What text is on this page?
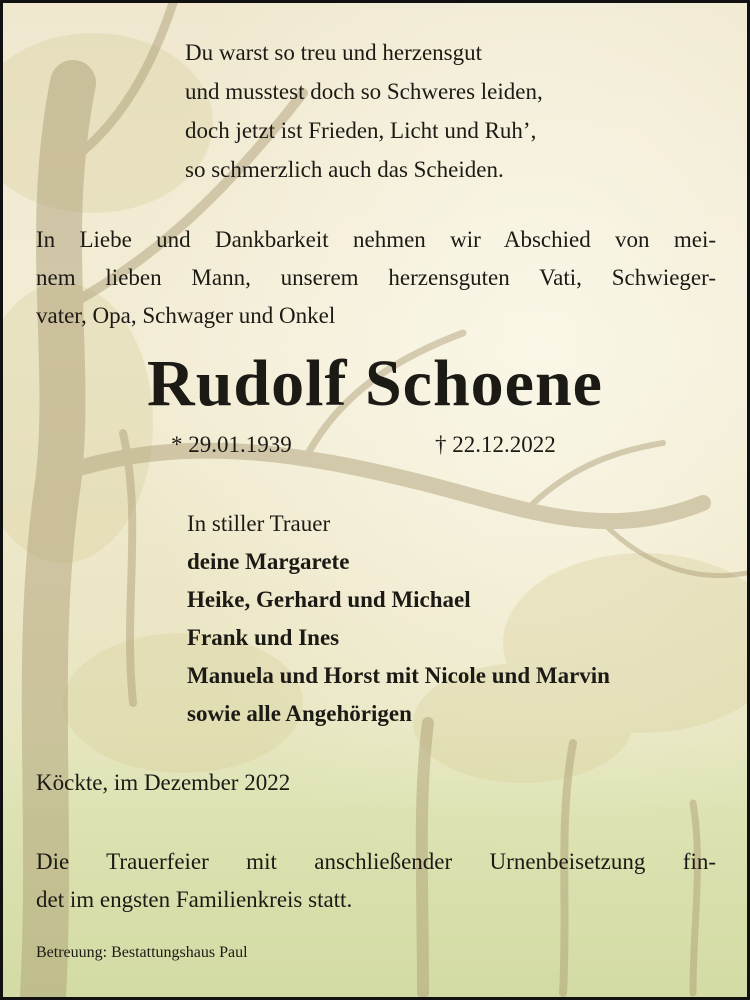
Du warst so treu und herzensgut
und musstest doch so Schweres leiden,
doch jetzt ist Frieden, Licht und Ruh’,
so schmerzlich auch das Scheiden.
In Liebe und Dankbarkeit nehmen wir Abschied von mei-
nem lieben Mann, unserem herzensguten Vati, Schwieger-
vater, Opa, Schwager und Onkel
Rudolf Schoene
* 29.01.1939	† 22.12.2022
In stiller Trauer
deine Margarete
Heike, Gerhard und Michael
Frank und Ines
Manuela und Horst mit Nicole und Marvin
sowie alle Angehörigen
Köckte, im Dezember 2022
Die Trauerfeier mit anschließender Urnenbeisetzung fin-
det im engsten Familienkreis statt.
Betreuung: Bestattungshaus Paul
